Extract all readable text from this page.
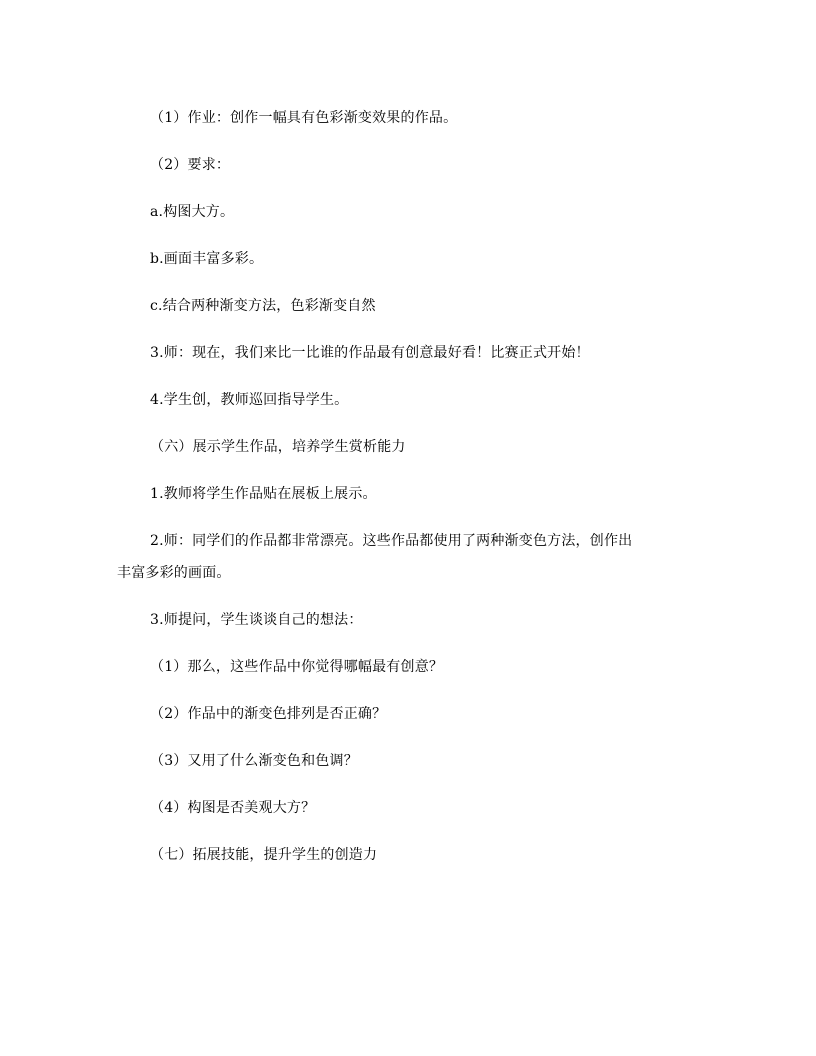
（1）作业：创作一幅具有色彩渐变效果的作品。

（2）要求：

a.构图大方。

b.画面丰富多彩。

c.结合两种渐变方法，色彩渐变自然

3.师：现在，我们来比一比谁的作品最有创意最好看！比赛正式开始！

4.学生创，教师巡回指导学生。

（六）展示学生作品，培养学生赏析能力

1.教师将学生作品贴在展板上展示。

2.师：同学们的作品都非常漂亮。这些作品都使用了两种渐变色方法，创作出

丰富多彩的画面。

3.师提问，学生谈谈自己的想法：

（1）那么，这些作品中你觉得哪幅最有创意？

（2）作品中的渐变色排列是否正确？

（3）又用了什么渐变色和色调？

（4）构图是否美观大方？

（七）拓展技能，提升学生的创造力
